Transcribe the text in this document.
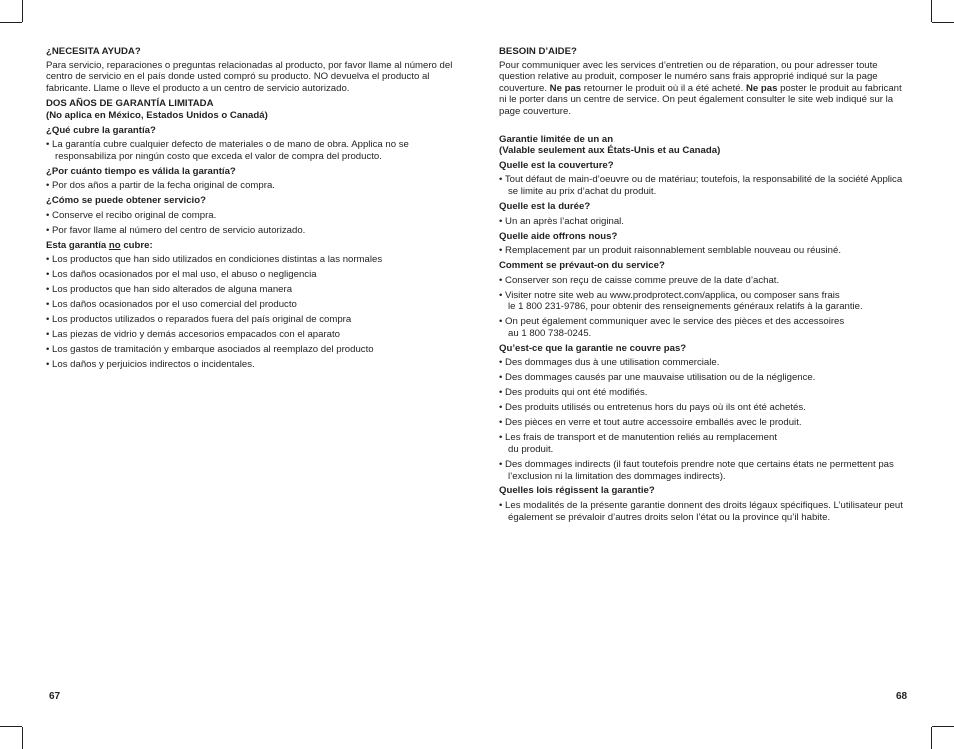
¿NECESITA AYUDA?

Para servicio, reparaciones o preguntas relacionadas al producto, por favor llame al número del centro de servicio en el país donde usted compró su producto. NO devuelva el producto al fabricante. Llame o lleve el producto a un centro de servicio autorizado.

DOS AÑOS DE GARANTÍA LIMITADA

(No aplica en México, Estados Unidos o Canadá)

¿Qué cubre la garantía?

• La garantía cubre cualquier defecto de materiales o de mano de obra. Applica no se responsabiliza por ningún costo que exceda el valor de compra del producto.

¿Por cuánto tiempo es válida la garantía?

• Por dos años a partir de la fecha original de compra.

¿Cómo se puede obtener servicio?

• Conserve el recibo original de compra.
• Por favor llame al número del centro de servicio autorizado.

Esta garantía no cubre:

• Los productos que han sido utilizados en condiciones distintas a las normales
• Los daños ocasionados por el mal uso, el abuso o negligencia
• Los productos que han sido alterados de alguna manera
• Los daños ocasionados por el uso comercial del producto
• Los productos utilizados o reparados fuera del país original de compra
• Las piezas de vidrio y demás accesorios empacados con el aparato
• Los gastos de tramitación y embarque asociados al reemplazo del producto
• Los daños y perjuicios indirectos o incidentales.

BESOIN D’AIDE?

Pour communiquer avec les services d’entretien ou de réparation, ou pour adresser toute question relative au produit, composer le numéro sans frais approprié indiqué sur la page couverture. Ne pas retourner le produit où il a été acheté. Ne pas poster le produit au fabricant ni le porter dans un centre de service. On peut également consulter le site web indiqué sur la page couverture.

Garantie limitée de un an

(Valable seulement aux États-Unis et au Canada)

Quelle est la couverture?

• Tout défaut de main-d’oeuvre ou de matériau; toutefois, la responsabilité de la société Applica se limite au prix d’achat du produit.

Quelle est la durée?

• Un an après l’achat original.

Quelle aide offrons nous?

• Remplacement par un produit raisonnablement semblable nouveau ou réusiné.

Comment se prévaut-on du service?

• Conserver son reçu de caisse comme preuve de la date d’achat.
• Visiter notre site web au www.prodprotect.com/applica, ou composer sans frais
le 1 800 231-9786, pour obtenir des renseignements généraux relatifs à la garantie.
• On peut également communiquer avec le service des pièces et des accessoires
au 1 800 738-0245.

Qu’est-ce que la garantie ne couvre pas?

• Des dommages dus à une utilisation commerciale.
• Des dommages causés par une mauvaise utilisation ou de la négligence.
• Des produits qui ont été modifiés.
• Des produits utilisés ou entretenus hors du pays où ils ont été achetés.
• Des pièces en verre et tout autre accessoire emballés avec le produit.
• Les frais de transport et de manutention reliés au remplacement
du produit.
• Des dommages indirects (il faut toutefois prendre note que certains états ne permettent pas l’exclusion ni la limitation des dommages indirects).

Quelles lois régissent la garantie?

• Les modalités de la présente garantie donnent des droits légaux spécifiques. L’utilisateur peut également se prévaloir d’autres droits selon l’état ou la province qu’il habite.
67	68
